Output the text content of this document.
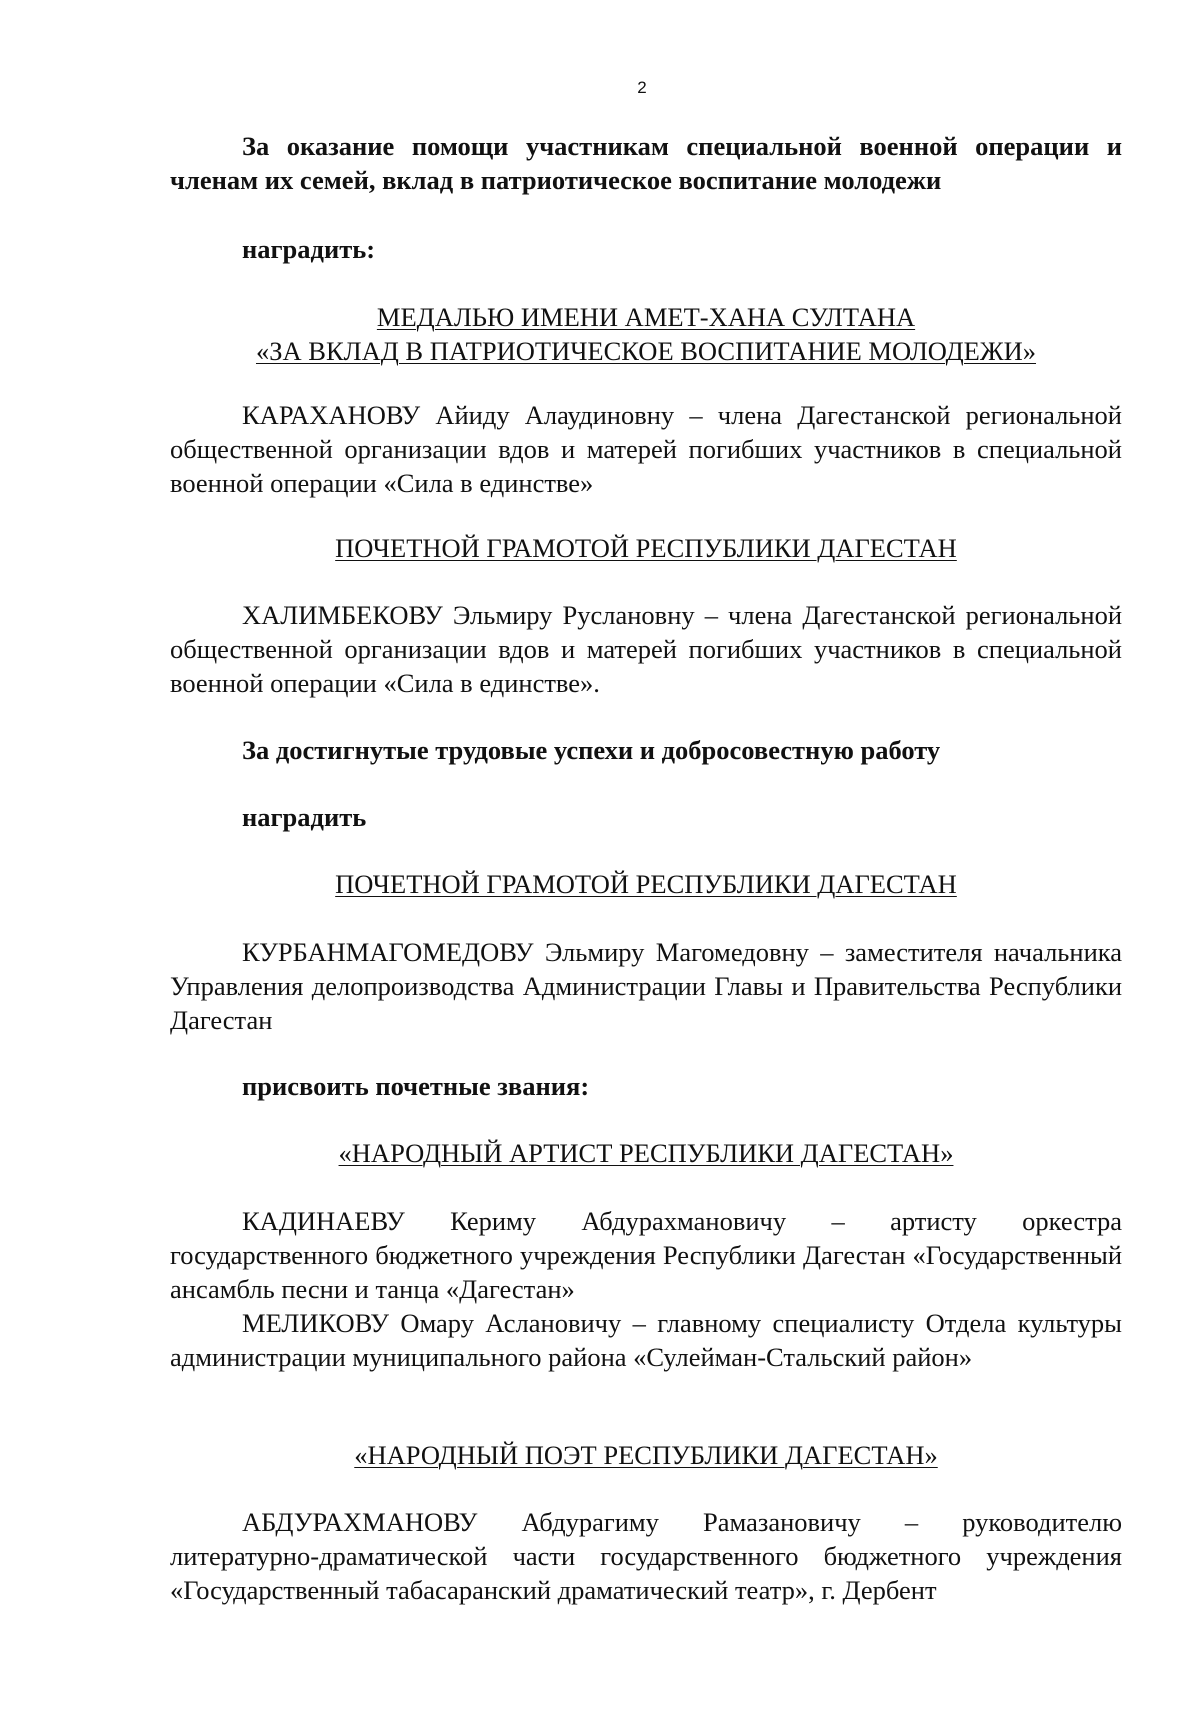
2

За оказание помощи участникам специальной военной операции и членам их семей, вклад в патриотическое воспитание молодежи

наградить:

МЕДАЛЬЮ ИМЕНИ АМЕТ-ХАНА СУЛТАНА

«ЗА ВКЛАД В ПАТРИОТИЧЕСКОЕ ВОСПИТАНИЕ МОЛОДЕЖИ»

КАРАХАНОВУ Айиду Алаудиновну – члена Дагестанской региональной общественной организации вдов и матерей погибших участников в специальной военной операции «Сила в единстве»

ПОЧЕТНОЙ ГРАМОТОЙ РЕСПУБЛИКИ ДАГЕСТАН

ХАЛИМБЕКОВУ Эльмиру Руслановну – члена Дагестанской региональной общественной организации вдов и матерей погибших участников в специальной военной операции «Сила в единстве».

За достигнутые трудовые успехи и добросовестную работу

наградить

ПОЧЕТНОЙ ГРАМОТОЙ РЕСПУБЛИКИ ДАГЕСТАН

КУРБАНМАГОМЕДОВУ Эльмиру Магомедовну – заместителя начальника Управления делопроизводства Администрации Главы и Правительства Республики Дагестан

присвоить почетные звания:

«НАРОДНЫЙ АРТИСТ РЕСПУБЛИКИ ДАГЕСТАН»

КАДИНАЕВУ Кериму Абдурахмановичу – артисту оркестра государственного бюджетного учреждения Республики Дагестан «Государственный ансамбль песни и танца «Дагестан»

МЕЛИКОВУ Омару Аслановичу – главному специалисту Отдела культуры администрации муниципального района «Сулейман-Стальский район»

«НАРОДНЫЙ ПОЭТ РЕСПУБЛИКИ ДАГЕСТАН»

АБДУРАХМАНОВУ Абдурагиму Рамазановичу – руководителю литературно-драматической части государственного бюджетного учреждения «Государственный табасаранский драматический театр», г. Дербент
